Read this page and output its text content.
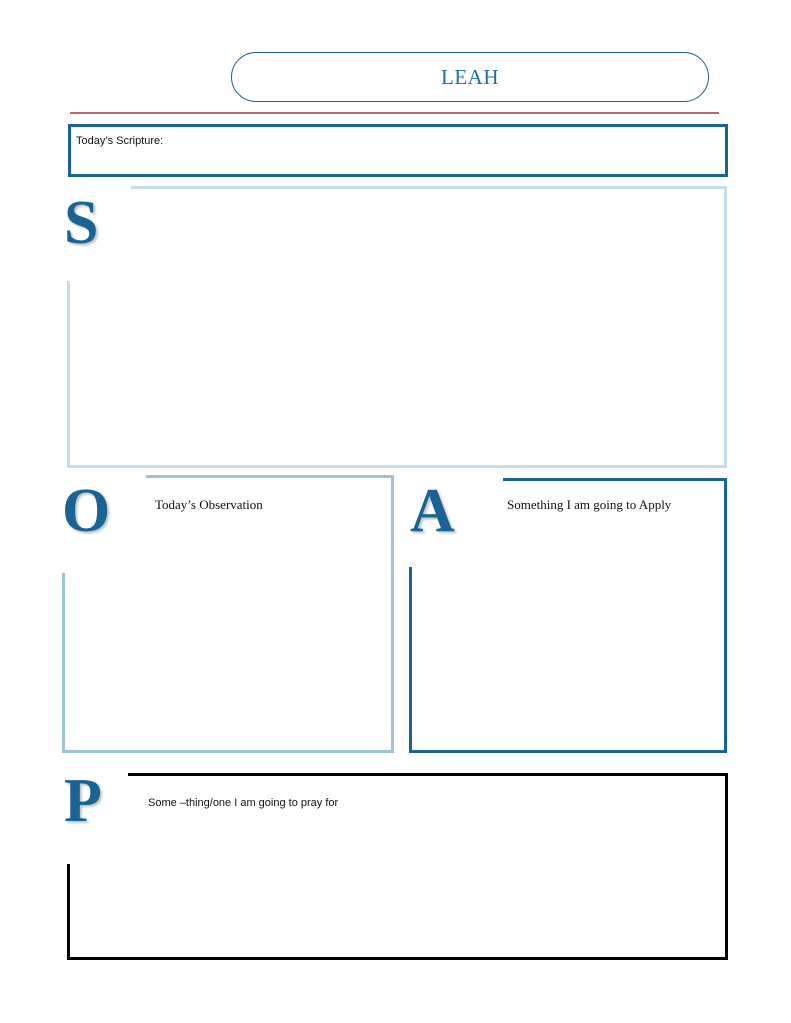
LEAH
Today’s Scripture:
S
O	Today’s Observation A	Something I am going to Apply
P	Some –thing/one I am going to pray for
